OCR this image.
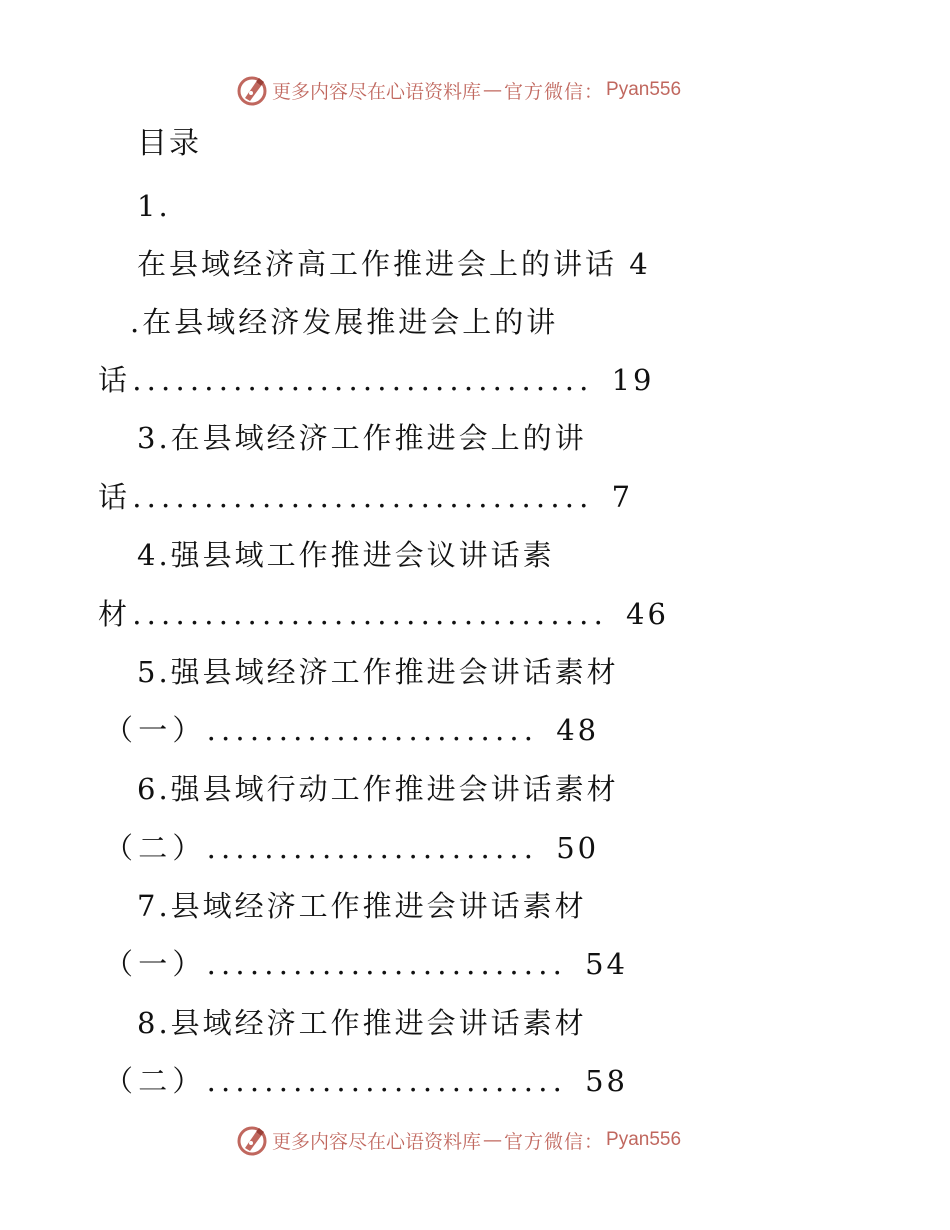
更多内容尽在心语资料库 — 官方微信： Pyan556
目录
1.
在县域经济高工作推进会上的讲话 4
.在县域经济发展推进会上的讲
话................................ 19
3.在县域经济工作推进会上的讲
话................................ 7
4.强县域工作推进会议讲话素
材................................. 46
5.强县域经济工作推进会讲话素材
（一）....................... 48
6.强县域行动工作推进会讲话素材
（二）....................... 50
7.县域经济工作推进会讲话素材
（一）......................... 54
8.县域经济工作推进会讲话素材
（二）......................... 58
更多内容尽在心语资料库 — 官方微信： Pyan556
